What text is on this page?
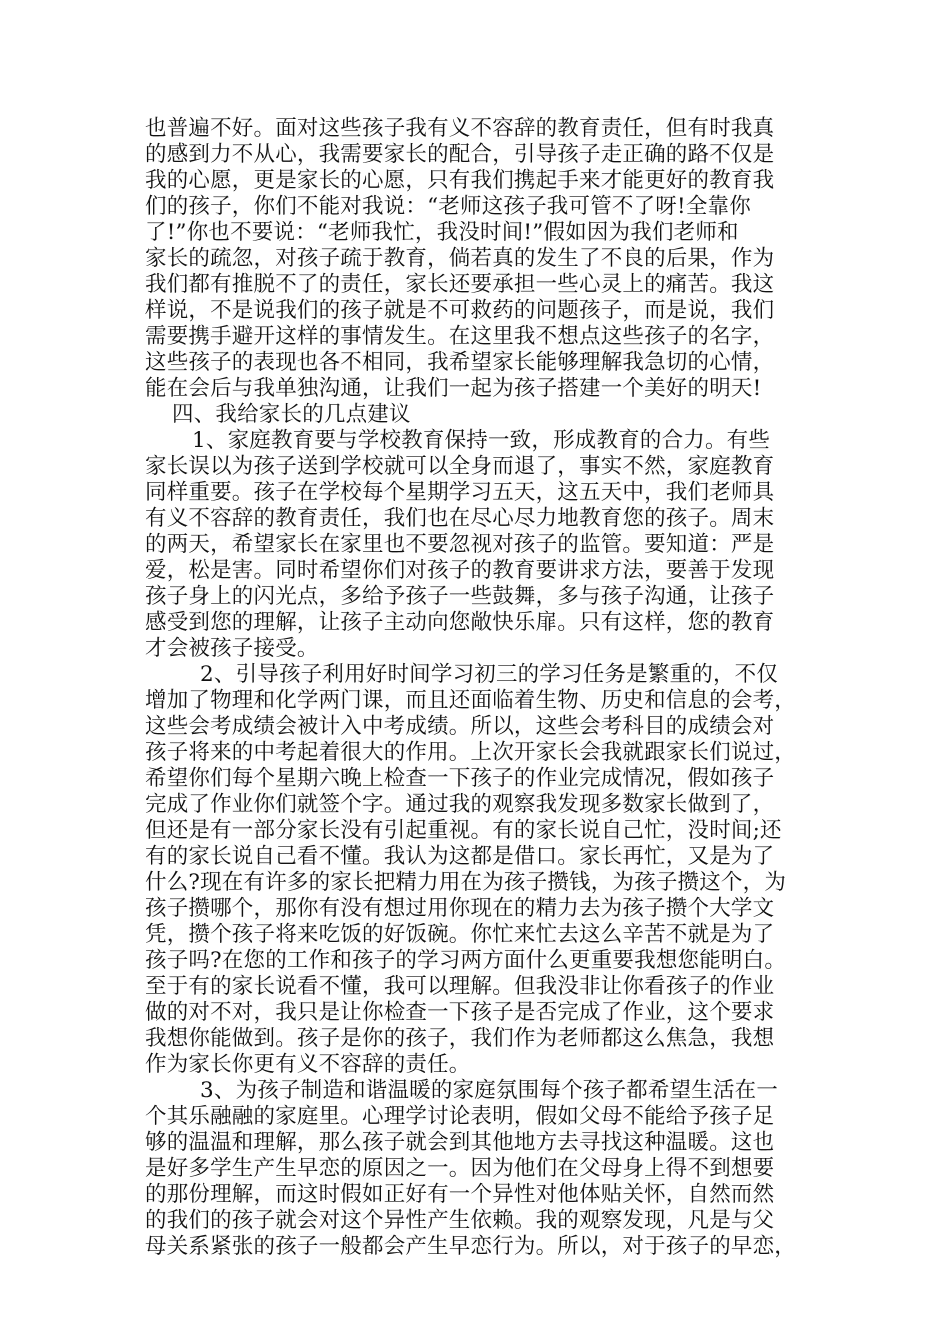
也普遍不好。面对这些孩子我有义不容辞的教育责任，但有时我真
的感到力不从心，我需要家长的配合，引导孩子走正确的路不仅是
我的心愿，更是家长的心愿，只有我们携起手来才能更好的教育我
们的孩子，你们不能对我说：“老师这孩子我可管不了呀!全靠你
了!”你也不要说：“老师我忙，我没时间!”假如因为我们老师和
家长的疏忽，对孩子疏于教育，倘若真的发生了不良的后果，作为
我们都有推脱不了的责任，家长还要承担一些心灵上的痛苦。我这
样说，不是说我们的孩子就是不可救药的问题孩子，而是说，我们
需要携手避开这样的事情发生。在这里我不想点这些孩子的名字，
这些孩子的表现也各不相同，我希望家长能够理解我急切的心情，
能在会后与我单独沟通，让我们一起为孩子搭建一个美好的明天!
四、我给家长的几点建议
1、家庭教育要与学校教育保持一致，形成教育的合力。有些
家长误以为孩子送到学校就可以全身而退了，事实不然，家庭教育
同样重要。孩子在学校每个星期学习五天，这五天中，我们老师具
有义不容辞的教育责任，我们也在尽心尽力地教育您的孩子。周末
的两天，希望家长在家里也不要忽视对孩子的监管。要知道：严是
爱，松是害。同时希望你们对孩子的教育要讲求方法，要善于发现
孩子身上的闪光点，多给予孩子一些鼓舞，多与孩子沟通，让孩子
感受到您的理解，让孩子主动向您敞快乐扉。只有这样，您的教育
才会被孩子接受。
2、引导孩子利用好时间学习初三的学习任务是繁重的，不仅
增加了物理和化学两门课，而且还面临着生物、历史和信息的会考，
这些会考成绩会被计入中考成绩。所以，这些会考科目的成绩会对
孩子将来的中考起着很大的作用。上次开家长会我就跟家长们说过，
希望你们每个星期六晚上检查一下孩子的作业完成情况，假如孩子
完成了作业你们就签个字。通过我的观察我发现多数家长做到了，
但还是有一部分家长没有引起重视。有的家长说自己忙，没时间;还
有的家长说自己看不懂。我认为这都是借口。家长再忙，又是为了
什么?现在有许多的家长把精力用在为孩子攒钱，为孩子攒这个，为
孩子攒哪个，那你有没有想过用你现在的精力去为孩子攒个大学文
凭，攒个孩子将来吃饭的好饭碗。你忙来忙去这么辛苦不就是为了
孩子吗?在您的工作和孩子的学习两方面什么更重要我想您能明白。
至于有的家长说看不懂，我可以理解。但我没非让你看孩子的作业
做的对不对，我只是让你检查一下孩子是否完成了作业，这个要求
我想你能做到。孩子是你的孩子，我们作为老师都这么焦急，我想
作为家长你更有义不容辞的责任。
3、为孩子制造和谐温暖的家庭氛围每个孩子都希望生活在一
个其乐融融的家庭里。心理学讨论表明，假如父母不能给予孩子足
够的温温和理解，那么孩子就会到其他地方去寻找这种温暖。这也
是好多学生产生早恋的原因之一。因为他们在父母身上得不到想要
的那份理解，而这时假如正好有一个异性对他体贴关怀，自然而然
的我们的孩子就会对这个异性产生依赖。我的观察发现，凡是与父
母关系紧张的孩子一般都会产生早恋行为。所以，对于孩子的早恋，
